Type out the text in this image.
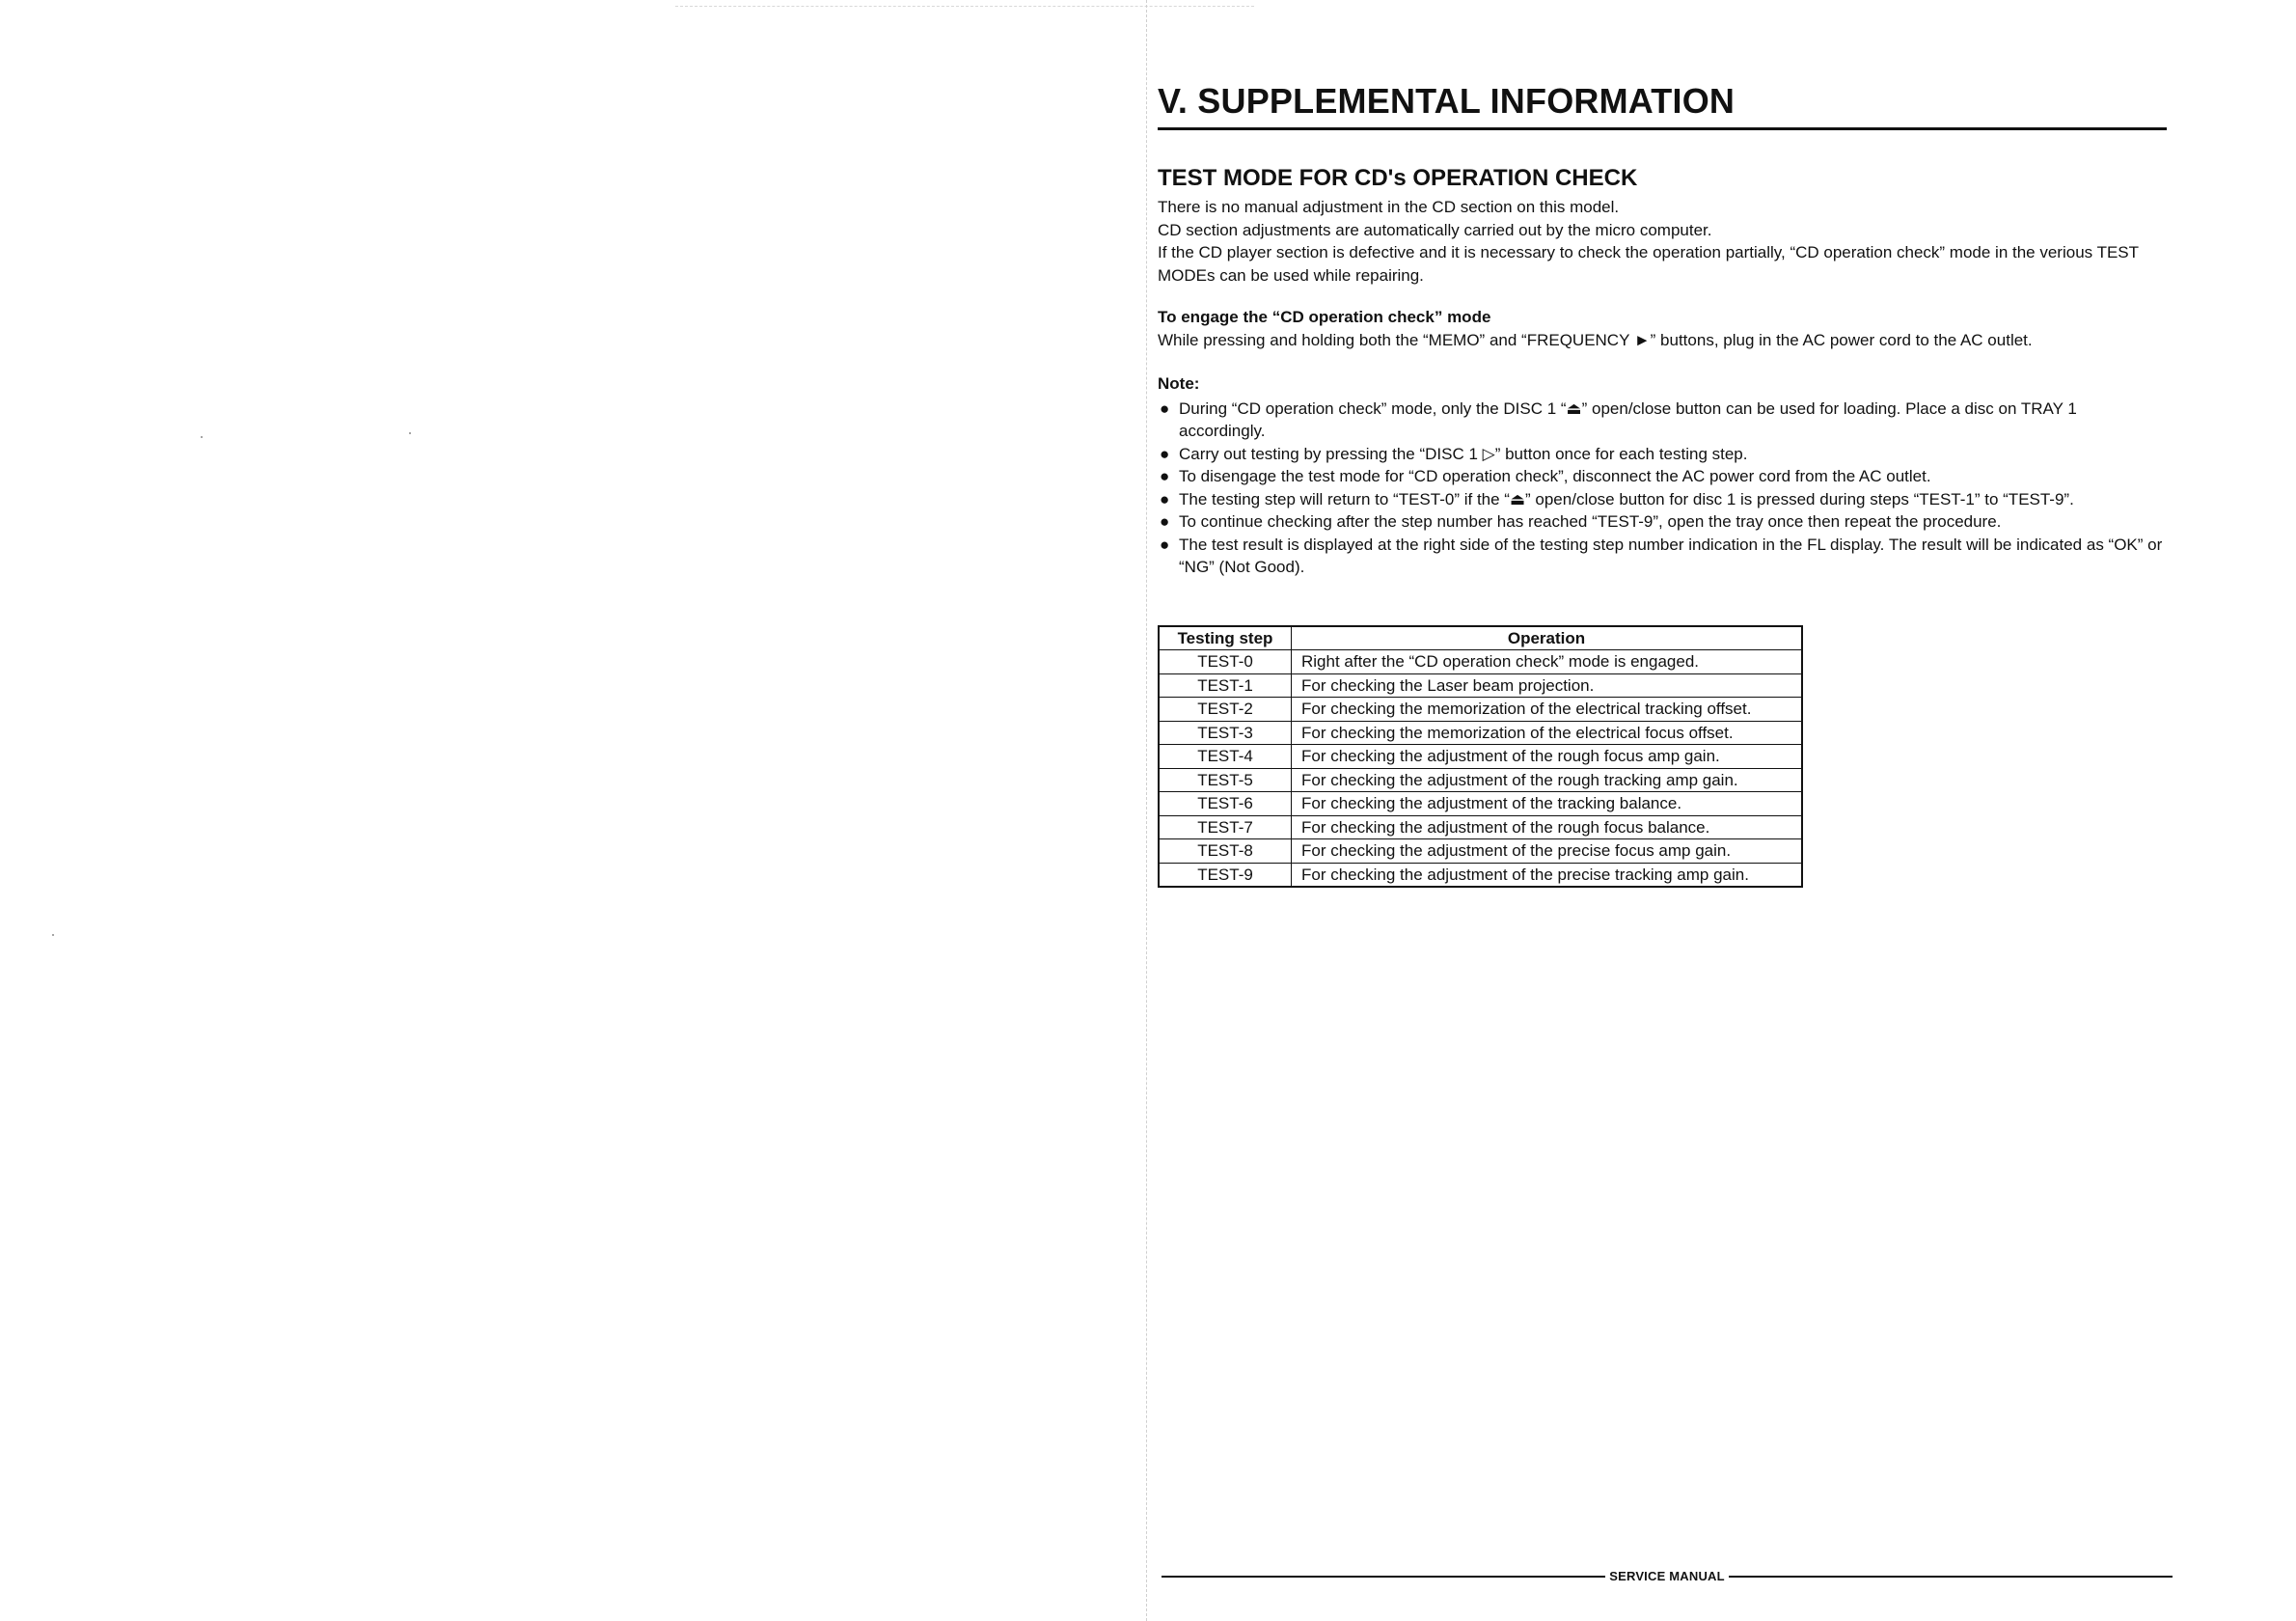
V. SUPPLEMENTAL INFORMATION
TEST MODE FOR CD's OPERATION CHECK

There is no manual adjustment in the CD section on this model.

CD section adjustments are automatically carried out by the micro computer.

If the CD player section is defective and it is necessary to check the operation partially, “CD operation check” mode in the verious TEST MODEs can be used while repairing.

To engage the “CD operation check” mode

While pressing and holding both the “MEMO” and “FREQUENCY ►” buttons, plug in the AC power cord to the AC outlet.

Note:

● During “CD operation check” mode, only the DISC 1 “⏏” open/close button can be used for loading. Place a disc on TRAY 1 accordingly.
● Carry out testing by pressing the “DISC 1 ▷” button once for each testing step.
● To disengage the test mode for “CD operation check”, disconnect the AC power cord from the AC outlet.
● The testing step will return to “TEST-0” if the “⏏” open/close button for disc 1 is pressed during steps “TEST-1” to “TEST-9”.
● To continue checking after the step number has reached “TEST-9”, open the tray once then repeat the procedure.
● The test result is displayed at the right side of the testing step number indication in the FL display. The result will be indicated as “OK” or “NG” (Not Good).
Testing step	Operation
TEST-0	Right after the “CD operation check” mode is engaged.
TEST-1	For checking the Laser beam projection.
TEST-2	For checking the memorization of the electrical tracking offset.
TEST-3	For checking the memorization of the electrical focus offset.
TEST-4	For checking the adjustment of the rough focus amp gain.
TEST-5	For checking the adjustment of the rough tracking amp gain.
TEST-6	For checking the adjustment of the tracking balance.
TEST-7	For checking the adjustment of the rough focus balance.
TEST-8	For checking the adjustment of the precise focus amp gain.
TEST-9	For checking the adjustment of the precise tracking amp gain.
SERVICE MANUAL
